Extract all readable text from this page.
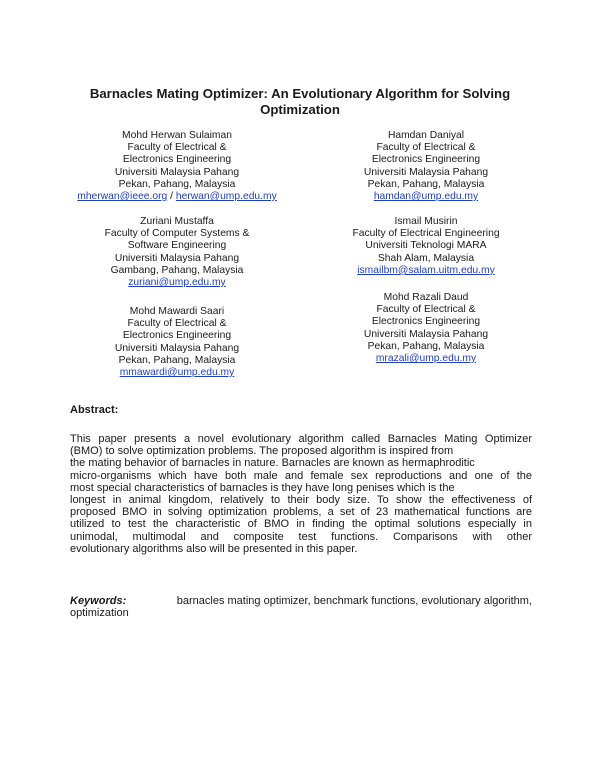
Barnacles Mating Optimizer: An Evolutionary Algorithm for Solving Optimization
Mohd Herwan Sulaiman
Faculty of Electrical &
Electronics Engineering
Universiti Malaysia Pahang
Pekan, Pahang, Malaysia
mherwan@ieee.org / herwan@ump.edu.my
Zuriani Mustaffa
Faculty of Computer Systems &
Software Engineering
Universiti Malaysia Pahang
Gambang, Pahang, Malaysia
zuriani@ump.edu.my
Mohd Mawardi Saari
Faculty of Electrical &
Electronics Engineering
Universiti Malaysia Pahang
Pekan, Pahang, Malaysia
mmawardi@ump.edu.my
Hamdan Daniyal
Faculty of Electrical &
Electronics Engineering
Universiti Malaysia Pahang
Pekan, Pahang, Malaysia
hamdan@ump.edu.my
Ismail Musirin
Faculty of Electrical Engineering
Universiti Teknologi MARA
Shah Alam, Malaysia
ismailbm@salam.uitm.edu.my
Mohd Razali Daud
Faculty of Electrical &
Electronics Engineering
Universiti Malaysia Pahang
Pekan, Pahang, Malaysia
mrazali@ump.edu.my
Abstract:
This paper presents a novel evolutionary algorithm called Barnacles Mating Optimizer
(BMO) to solve optimization problems. The proposed algorithm is inspired from
the mating behavior of barnacles in nature. Barnacles are known as hermaphroditic
micro-organisms which have both male and female sex reproductions and one of the
most special characteristics of barnacles is they have long penises which is the
longest in animal kingdom, relatively to their body size. To show the effectiveness of
proposed BMO in solving optimization problems, a set of 23 mathematical functions are
utilized to test the characteristic of BMO in finding the optimal solutions especially in
unimodal, multimodal and composite test functions. Comparisons with other
evolutionary algorithms also will be presented in this paper.
Keywords:	barnacles mating optimizer, benchmark functions, evolutionary algorithm,
optimization
